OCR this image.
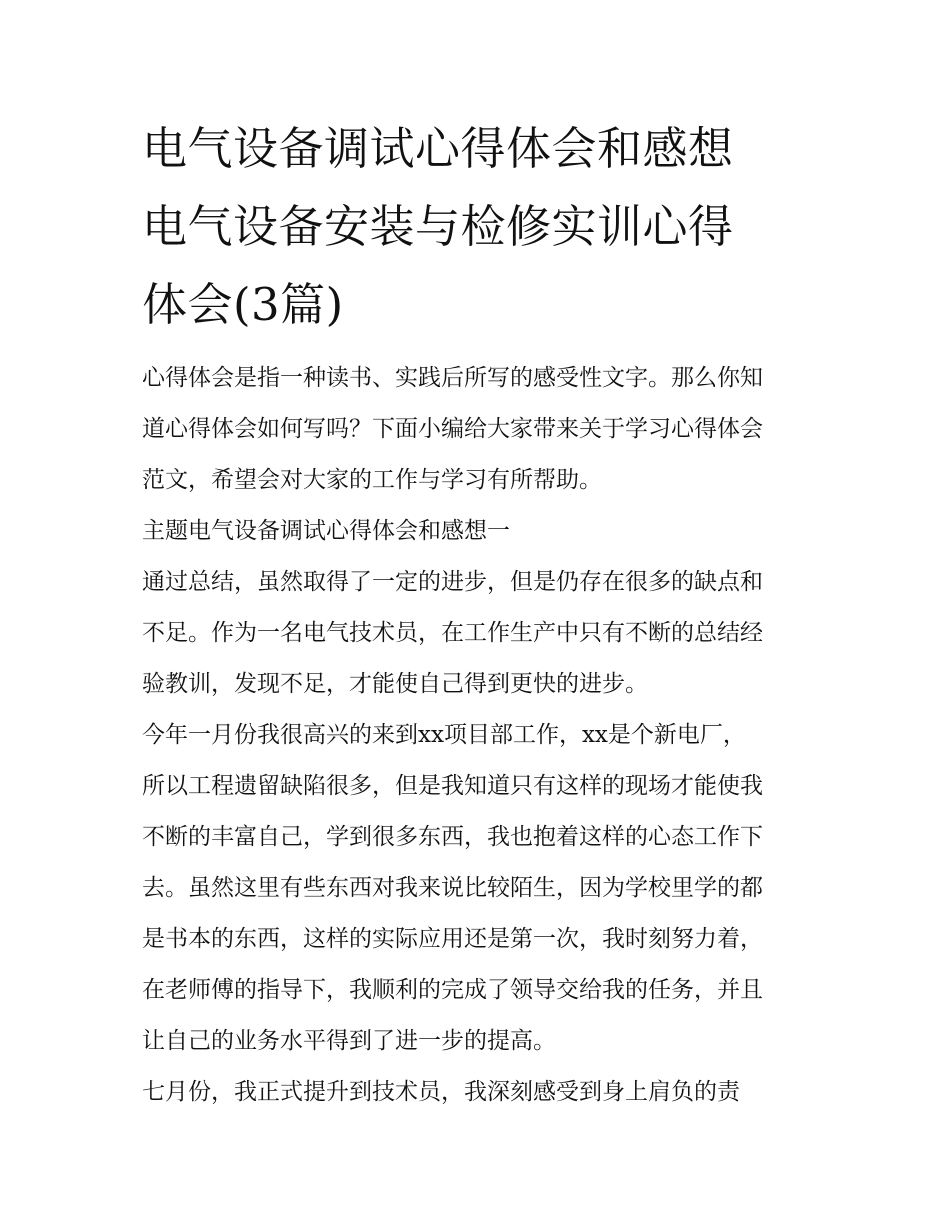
电气设备调试心得体会和感想
电气设备安装与检修实训心得
体会(3篇)
心得体会是指一种读书、实践后所写的感受性文字。那么你知
道心得体会如何写吗？下面小编给大家带来关于学习心得体会
范文，希望会对大家的工作与学习有所帮助。
主题电气设备调试心得体会和感想一
通过总结，虽然取得了一定的进步，但是仍存在很多的缺点和
不足。作为一名电气技术员，在工作生产中只有不断的总结经
验教训，发现不足，才能使自己得到更快的进步。
今年一月份我很高兴的来到xx项目部工作，xx是个新电厂，
所以工程遗留缺陷很多，但是我知道只有这样的现场才能使我
不断的丰富自己，学到很多东西，我也抱着这样的心态工作下
去。虽然这里有些东西对我来说比较陌生，因为学校里学的都
是书本的东西，这样的实际应用还是第一次，我时刻努力着，
在老师傅的指导下，我顺利的完成了领导交给我的任务，并且
让自己的业务水平得到了进一步的提高。
七月份，我正式提升到技术员，我深刻感受到身上肩负的责
